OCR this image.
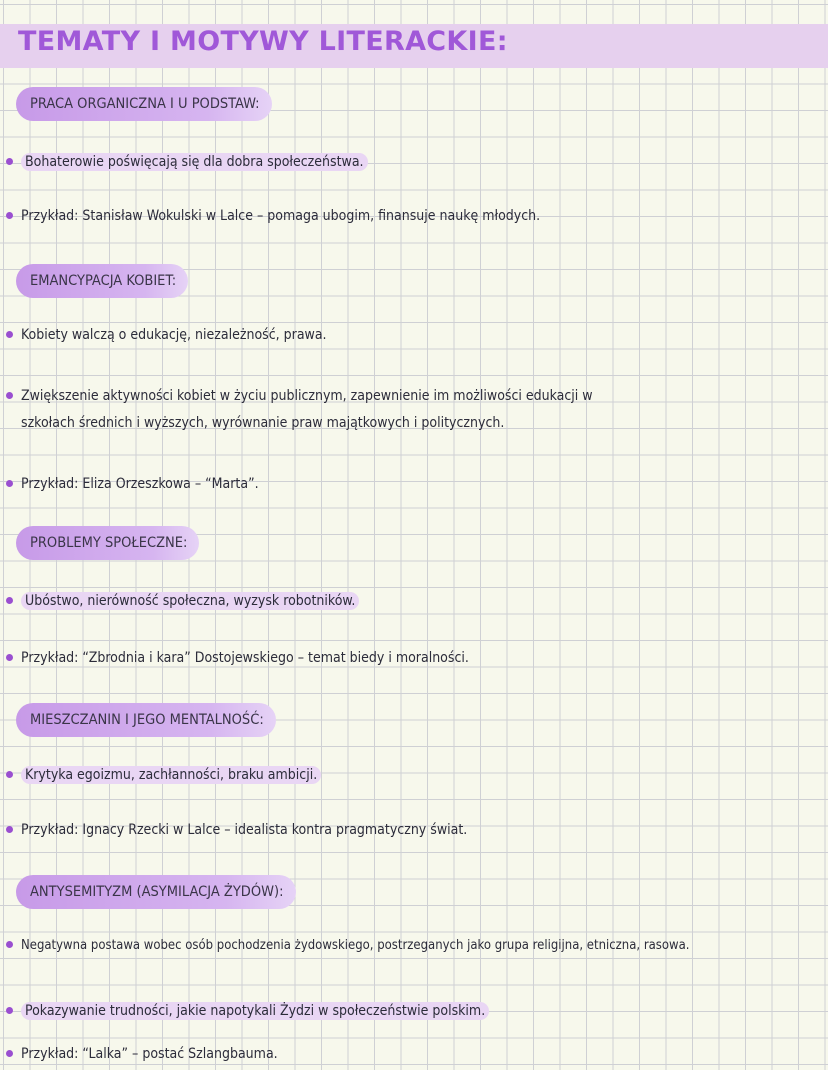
TEMATY I MOTYWY LITERACKIE:
PRACA ORGANICZNA I U PODSTAW:
Bohaterowie poświęcają się dla dobra społeczeństwa.
Przykład: Stanisław Wokulski w Lalce – pomaga ubogim, finansuje naukę młodych.
EMANCYPACJA KOBIET:
Kobiety walczą o edukację, niezależność, prawa.
Zwiększenie aktywności kobiet w życiu publicznym, zapewnienie im możliwości edukacji w
szkołach średnich i wyższych, wyrównanie praw majątkowych i politycznych.
Przykład: Eliza Orzeszkowa – “Marta”.
PROBLEMY SPOŁECZNE:
Ubóstwo, nierówność społeczna, wyzysk robotników.
Przykład: “Zbrodnia i kara” Dostojewskiego – temat biedy i moralności.
MIESZCZANIN I JEGO MENTALNOŚĆ:
Krytyka egoizmu, zachłanności, braku ambicji.
Przykład: Ignacy Rzecki w Lalce – idealista kontra pragmatyczny świat.
ANTYSEMITYZM (ASYMILACJA ŻYDÓW):
Negatywna postawa wobec osób pochodzenia żydowskiego, postrzeganych jako grupa religijna, etniczna, rasowa.
Pokazywanie trudności, jakie napotykali Żydzi w społeczeństwie polskim.
Przykład: “Lalka” – postać Szlangbauma.
